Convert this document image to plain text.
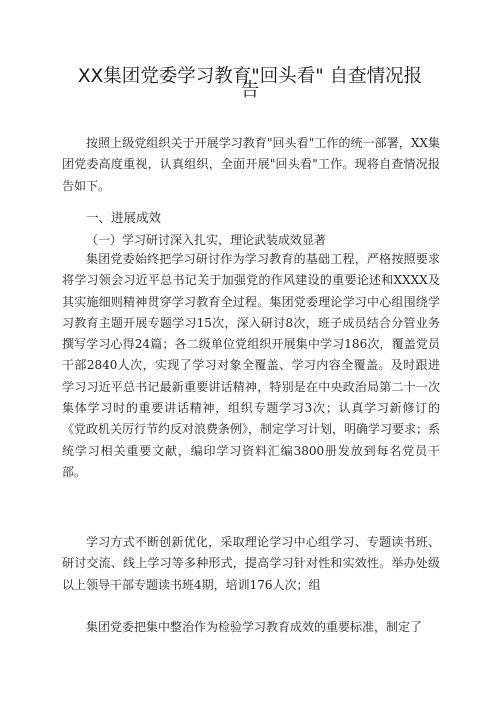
XX集团党委学习教育"回头看" 自查情况报告
按照上级党组织关于开展学习教育"回头看"工作的统一部署，XX集团党委高度重视，认真组织，全面开展"回头看"工作。现将自查情况报告如下。
一、进展成效
（一）学习研讨深入扎实，理论武装成效显著
集团党委始终把学习研讨作为学习教育的基础工程，严格按照要求将学习领会习近平总书记关于加强党的作风建设的重要论述和XXXX及其实施细则精神贯穿学习教育全过程。集团党委理论学习中心组围绕学习教育主题开展专题学习15次，深入研讨8次，班子成员结合分管业务撰写学习心得24篇；各二级单位党组织开展集中学习186次，覆盖党员干部2840人次，实现了学习对象全覆盖、学习内容全覆盖。及时跟进学习习近平总书记最新重要讲话精神，特别是在中央政治局第二十一次集体学习时的重要讲话精神，组织专题学习3次；认真学习新修订的《党政机关厉行节约反对浪费条例》，制定学习计划，明确学习要求；系统学习相关重要文献，编印学习资料汇编3800册发放到每名党员干部。
学习方式不断创新优化，采取理论学习中心组学习、专题读书班、研讨交流、线上学习等多种形式，提高学习针对性和实效性。举办处级以上领导干部专题读书班4期，培训176人次；组
集团党委把集中整治作为检验学习教育成效的重要标准，制定了
